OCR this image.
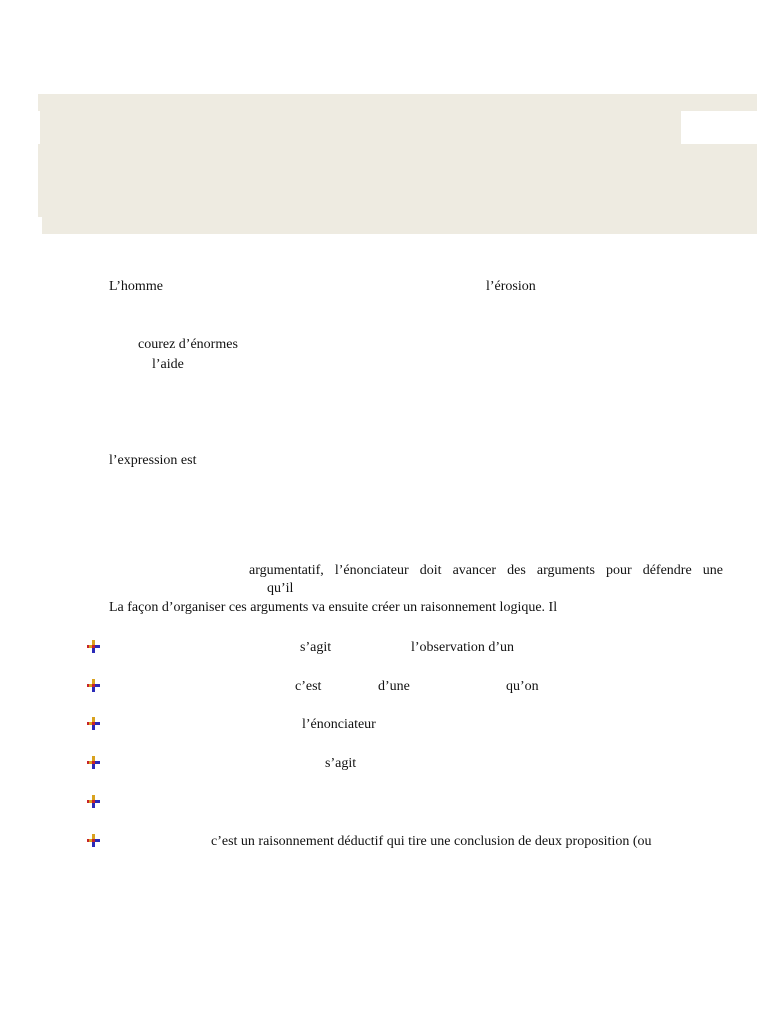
L’homme	l’érosion
courez d’énormes
l’aide
l’expression est
argumentatif, l’énonciateur doit avancer des arguments pour défendre une
qu’il
La façon d’organiser ces arguments va ensuite créer un raisonnement logique. Il
s’agit	l’observation d’un
c’est	d’une	qu’on
l’énonciateur
s’agit
c’est un raisonnement déductif qui tire une conclusion de deux proposition (ou
